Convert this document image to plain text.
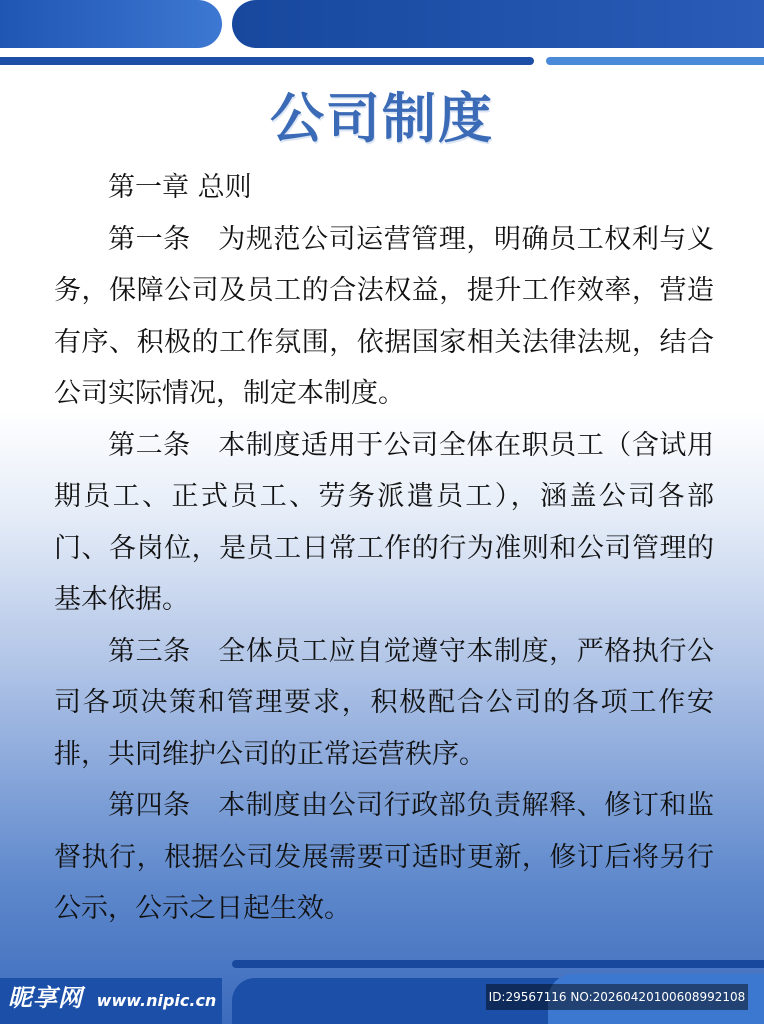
公司制度

第一章 总则

第一条　为规范公司运营管理，明确员工权利与义务，保障公司及员工的合法权益，提升工作效率，营造有序、积极的工作氛围，依据国家相关法律法规，结合公司实际情况，制定本制度。

第二条　本制度适用于公司全体在职员工（含试用期员工、正式员工、劳务派遣员工），涵盖公司各部门、各岗位，是员工日常工作的行为准则和公司管理的基本依据。

第三条　全体员工应自觉遵守本制度，严格执行公司各项决策和管理要求，积极配合公司的各项工作安排，共同维护公司的正常运营秩序。

第四条　本制度由公司行政部负责解释、修订和监督执行，根据公司发展需要可适时更新，修订后将另行公示，公示之日起生效。

昵享网 www.nipic.cn	ID:29567116 NO:20260420100608992108
